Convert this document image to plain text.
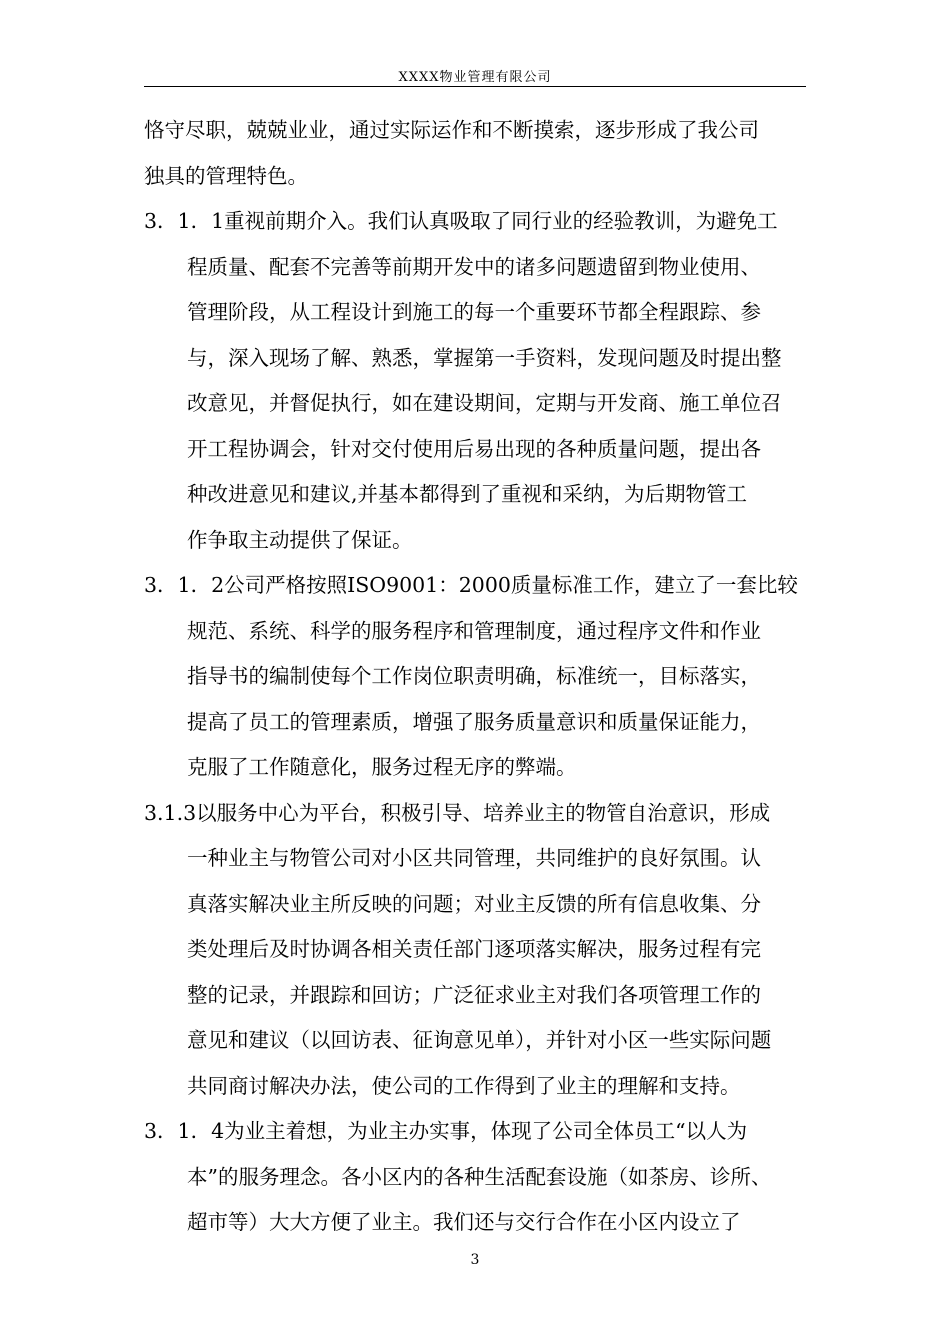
XXXX物业管理有限公司
恪守尽职，兢兢业业，通过实际运作和不断摸索，逐步形成了我公司
独具的管理特色。
3．1．1重视前期介入。我们认真吸取了同行业的经验教训，为避免工
程质量、配套不完善等前期开发中的诸多问题遗留到物业使用、
管理阶段，从工程设计到施工的每一个重要环节都全程跟踪、参
与，深入现场了解、熟悉，掌握第一手资料，发现问题及时提出整
改意见，并督促执行，如在建设期间，定期与开发商、施工单位召
开工程协调会，针对交付使用后易出现的各种质量问题，提出各
种改进意见和建议,并基本都得到了重视和采纳，为后期物管工
作争取主动提供了保证。
3．1．2公司严格按照ISO9001：2000质量标准工作，建立了一套比较
规范、系统、科学的服务程序和管理制度，通过程序文件和作业
指导书的编制使每个工作岗位职责明确，标准统一，目标落实，
提高了员工的管理素质，增强了服务质量意识和质量保证能力，
克服了工作随意化，服务过程无序的弊端。
3.1.3以服务中心为平台，积极引导、培养业主的物管自治意识，形成
一种业主与物管公司对小区共同管理，共同维护的良好氛围。认
真落实解决业主所反映的问题；对业主反馈的所有信息收集、分
类处理后及时协调各相关责任部门逐项落实解决，服务过程有完
整的记录，并跟踪和回访；广泛征求业主对我们各项管理工作的
意见和建议（以回访表、征询意见单），并针对小区一些实际问题
共同商讨解决办法，使公司的工作得到了业主的理解和支持。
3．1．4为业主着想，为业主办实事，体现了公司全体员工“以人为
本”的服务理念。各小区内的各种生活配套设施（如茶房、诊所、
超市等）大大方便了业主。我们还与交行合作在小区内设立了
3
